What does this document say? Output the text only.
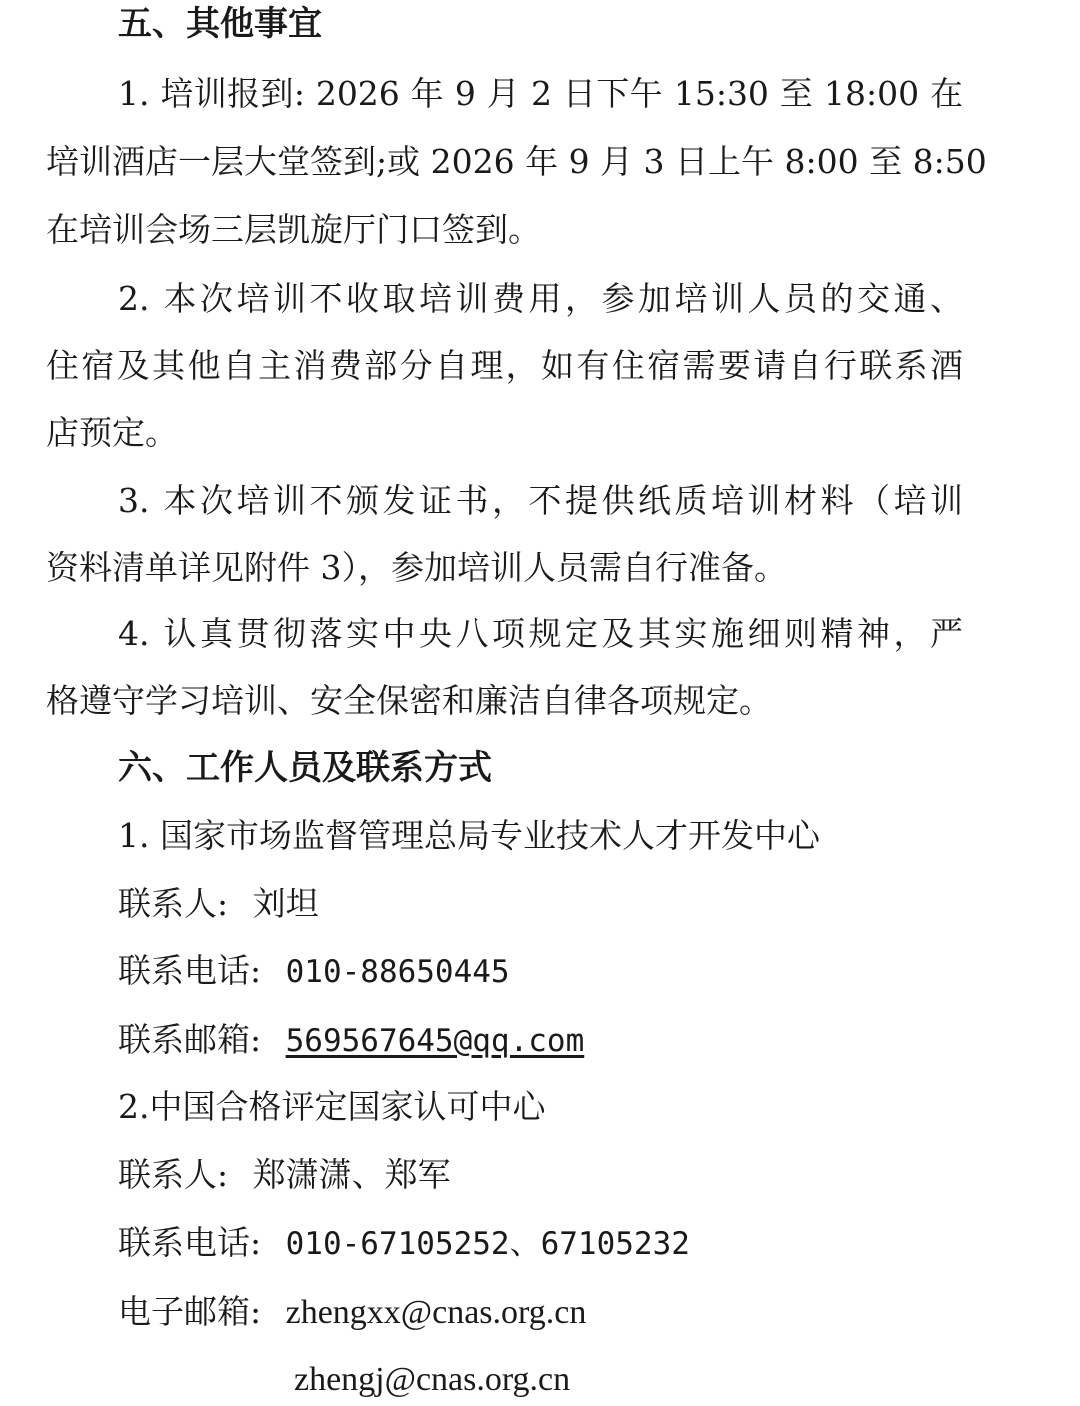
五、其他事宜
1. 培训报到: 2026 年 9 月 2 日下午 15:30 至 18:00 在
培训酒店一层大堂签到;或 2026 年 9 月 3 日上午 8:00 至 8:50
在培训会场三层凯旋厅门口签到。
2. 本次培训不收取培训费用，参加培训人员的交通、
住宿及其他自主消费部分自理，如有住宿需要请自行联系酒
店预定。
3. 本次培训不颁发证书，不提供纸质培训材料（培训
资料清单详见附件 3），参加培训人员需自行准备。
4. 认真贯彻落实中央八项规定及其实施细则精神，严
格遵守学习培训、安全保密和廉洁自律各项规定。
六、工作人员及联系方式
1. 国家市场监督管理总局专业技术人才开发中心
联系人: 刘坦
联系电话: 010-88650445
联系邮箱: 569567645@qq.com
2.中国合格评定国家认可中心
联系人: 郑潇潇、郑军
联系电话: 010-67105252、67105232
电子邮箱: zhengxx@cnas.org.cn
zhengj@cnas.org.cn
